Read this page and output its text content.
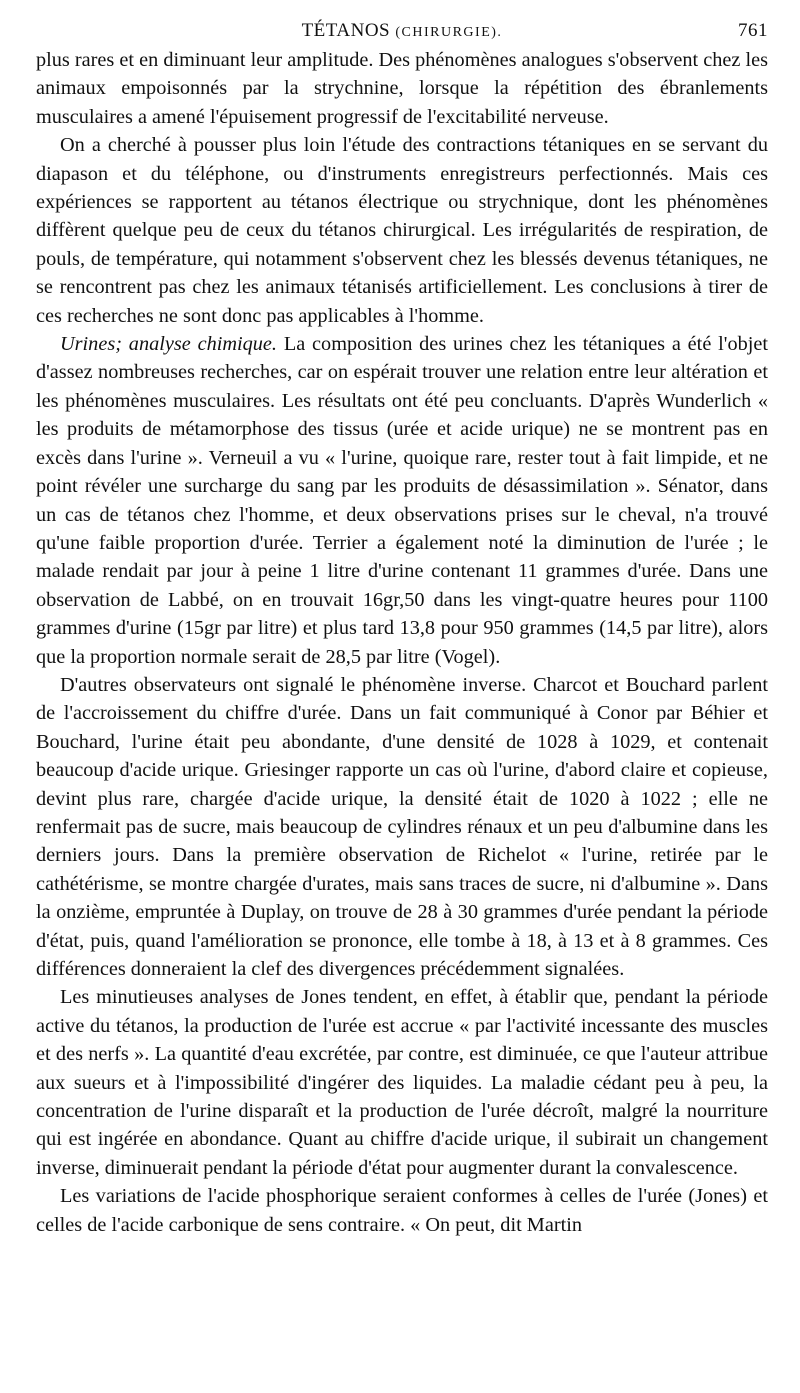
TÉTANOS (CHIRURGIE).	761

plus rares et en diminuant leur amplitude. Des phénomènes analogues s'observent chez les animaux empoisonnés par la strychnine, lorsque la répétition des ébranlements musculaires a amené l'épuisement progressif de l'excitabilité nerveuse.

On a cherché à pousser plus loin l'étude des contractions tétaniques en se servant du diapason et du téléphone, ou d'instruments enregistreurs perfectionnés. Mais ces expériences se rapportent au tétanos électrique ou strychnique, dont les phénomènes diffèrent quelque peu de ceux du tétanos chirurgical. Les irrégularités de respiration, de pouls, de température, qui notamment s'observent chez les blessés devenus tétaniques, ne se rencontrent pas chez les animaux tétanisés artificiellement. Les conclusions à tirer de ces recherches ne sont donc pas applicables à l'homme.

Urines; analyse chimique. La composition des urines chez les tétaniques a été l'objet d'assez nombreuses recherches, car on espérait trouver une relation entre leur altération et les phénomènes musculaires. Les résultats ont été peu concluants. D'après Wunderlich « les produits de métamorphose des tissus (urée et acide urique) ne se montrent pas en excès dans l'urine ». Verneuil a vu « l'urine, quoique rare, rester tout à fait limpide, et ne point révéler une surcharge du sang par les produits de désassimilation ». Sénator, dans un cas de tétanos chez l'homme, et deux observations prises sur le cheval, n'a trouvé qu'une faible proportion d'urée. Terrier a également noté la diminution de l'urée ; le malade rendait par jour à peine 1 litre d'urine contenant 11 grammes d'urée. Dans une observation de Labbé, on en trouvait 16gr,50 dans les vingt-quatre heures pour 1100 grammes d'urine (15gr par litre) et plus tard 13,8 pour 950 grammes (14,5 par litre), alors que la proportion normale serait de 28,5 par litre (Vogel).

D'autres observateurs ont signalé le phénomène inverse. Charcot et Bouchard parlent de l'accroissement du chiffre d'urée. Dans un fait communiqué à Conor par Béhier et Bouchard, l'urine était peu abondante, d'une densité de 1028 à 1029, et contenait beaucoup d'acide urique. Griesinger rapporte un cas où l'urine, d'abord claire et copieuse, devint plus rare, chargée d'acide urique, la densité était de 1020 à 1022 ; elle ne renfermait pas de sucre, mais beaucoup de cylindres rénaux et un peu d'albumine dans les derniers jours. Dans la première observation de Richelot « l'urine, retirée par le cathétérisme, se montre chargée d'urates, mais sans traces de sucre, ni d'albumine ». Dans la onzième, empruntée à Duplay, on trouve de 28 à 30 grammes d'urée pendant la période d'état, puis, quand l'amélioration se prononce, elle tombe à 18, à 13 et à 8 grammes. Ces différences donneraient la clef des divergences précédemment signalées.

Les minutieuses analyses de Jones tendent, en effet, à établir que, pendant la période active du tétanos, la production de l'urée est accrue « par l'activité incessante des muscles et des nerfs ». La quantité d'eau excrétée, par contre, est diminuée, ce que l'auteur attribue aux sueurs et à l'impossibilité d'ingérer des liquides. La maladie cédant peu à peu, la concentration de l'urine disparaît et la production de l'urée décroît, malgré la nourriture qui est ingérée en abondance. Quant au chiffre d'acide urique, il subirait un changement inverse, diminuerait pendant la période d'état pour augmenter durant la convalescence.

Les variations de l'acide phosphorique seraient conformes à celles de l'urée (Jones) et celles de l'acide carbonique de sens contraire. « On peut, dit Martin
